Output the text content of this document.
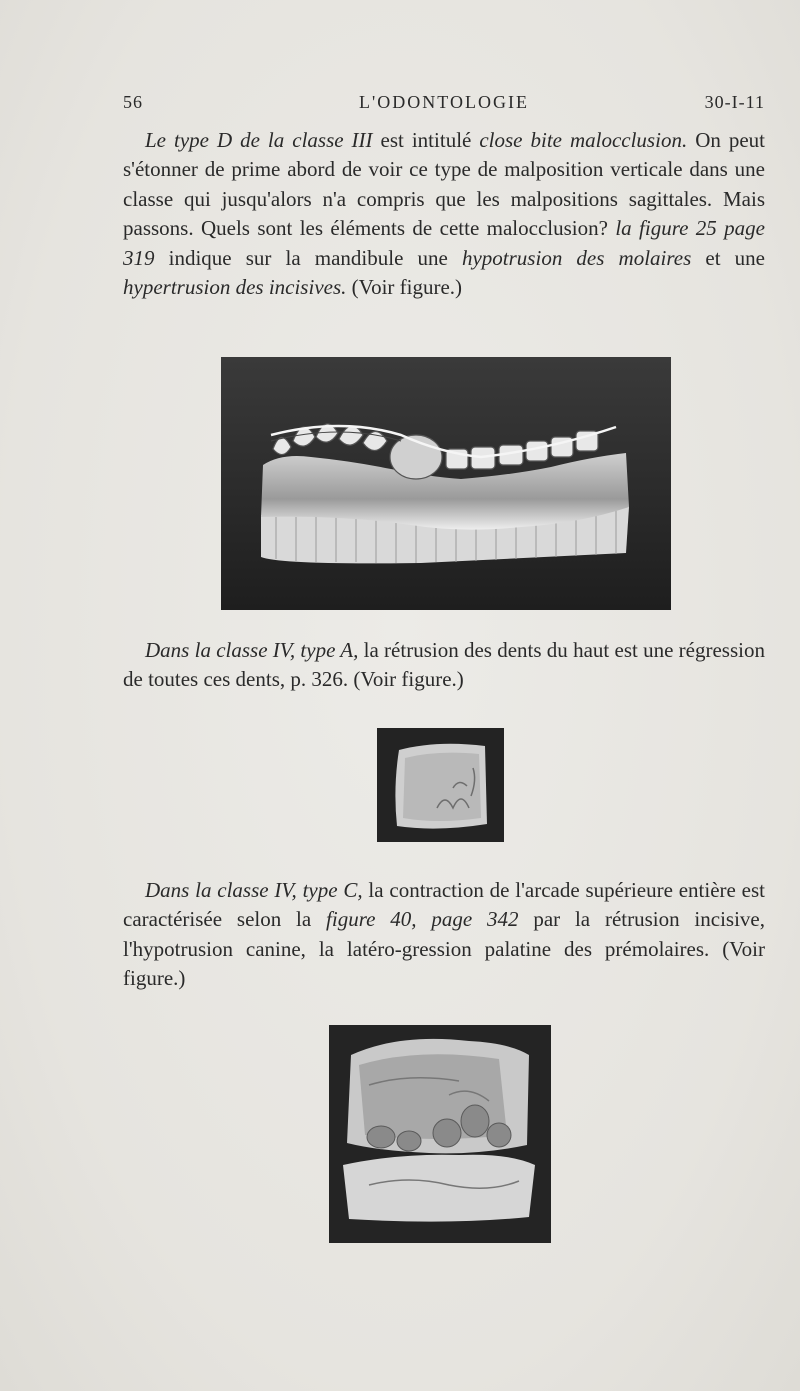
56	L'ODONTOLOGIE	30-I-11
Le type D de la classe III est intitulé close bite malocclusion. On peut s'étonner de prime abord de voir ce type de malposition verticale dans une classe qui jusqu'alors n'a compris que les malpositions sagittales. Mais passons. Quels sont les éléments de cette malocclusion? la figure 25 page 319 indique sur la mandibule une hypotrusion des molaires et une hypertrusion des incisives. (Voir figure.)
Dans la classe IV, type A, la rétrusion des dents du haut est une régression de toutes ces dents, p. 326. (Voir figure.)
Dans la classe IV, type C, la contraction de l'arcade supérieure entière est caractérisée selon la figure 40, page 342 par la rétrusion incisive, l'hypotrusion canine, la latéro-gression palatine des prémolaires. (Voir figure.)
